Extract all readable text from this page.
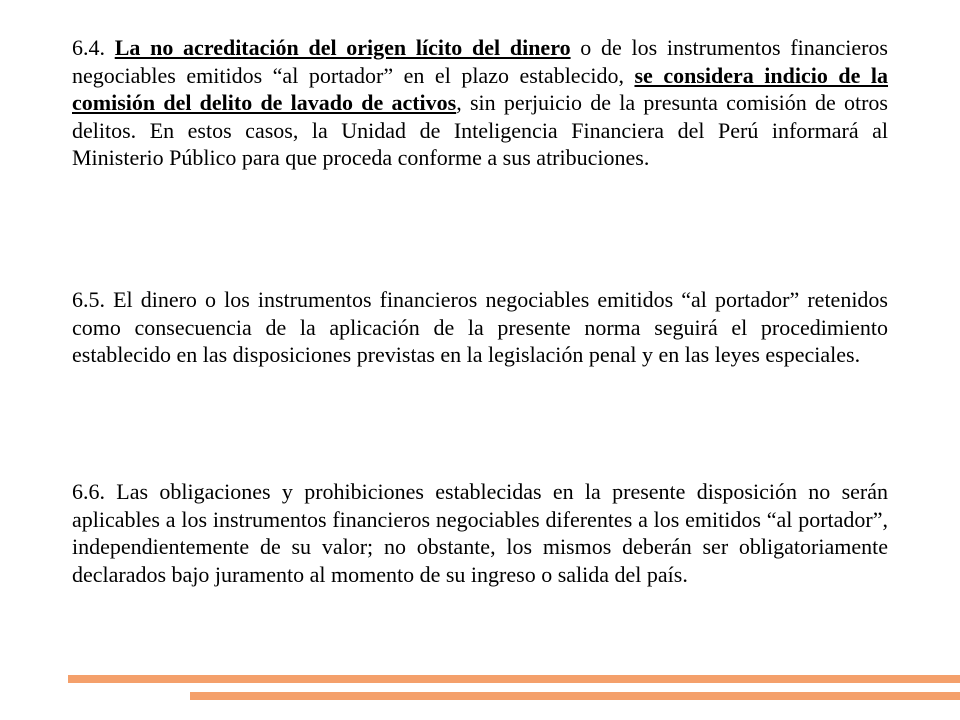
6.4. La no acreditación del origen lícito del dinero o de los instrumentos financieros negociables emitidos “al portador” en el plazo establecido, se considera indicio de la comisión del delito de lavado de activos, sin perjuicio de la presunta comisión de otros delitos. En estos casos, la Unidad de Inteligencia Financiera del Perú informará al Ministerio Público para que proceda conforme a sus atribuciones.

6.5. El dinero o los instrumentos financieros negociables emitidos “al portador” retenidos como consecuencia de la aplicación de la presente norma seguirá el procedimiento establecido en las disposiciones previstas en la legislación penal y en las leyes especiales.

6.6. Las obligaciones y prohibiciones establecidas en la presente disposición no serán aplicables a los instrumentos financieros negociables diferentes a los emitidos “al portador”, independientemente de su valor; no obstante, los mismos deberán ser obligatoriamente declarados bajo juramento al momento de su ingreso o salida del país.
